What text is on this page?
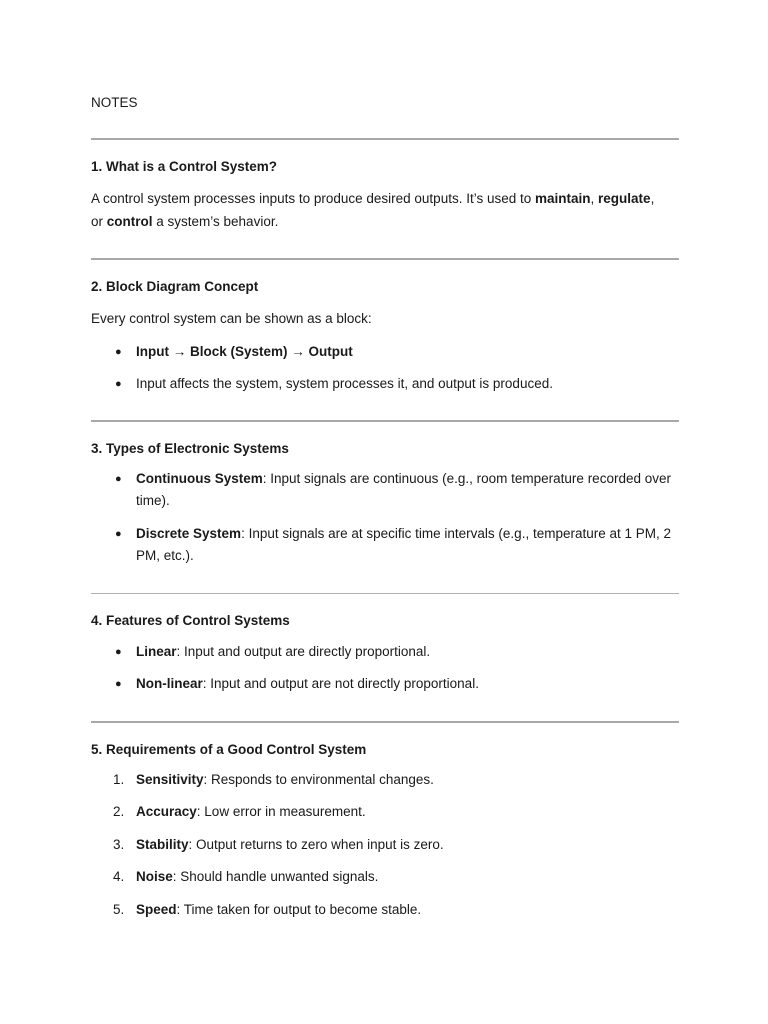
NOTES
1. What is a Control System?

A control system processes inputs to produce desired outputs. It’s used to maintain, regulate,
or control a system’s behavior.

2. Block Diagram Concept

Every control system can be shown as a block:

● Input → Block (System) → Output
● Input affects the system, system processes it, and output is produced.
3. Types of Electronic Systems
● Continuous System: Input signals are continuous (e.g., room temperature recorded over
time).
● Discrete System: Input signals are at specific time intervals (e.g., temperature at 1 PM, 2
PM, etc.).
4. Features of Control Systems
● Linear: Input and output are directly proportional.
● Non-linear: Input and output are not directly proportional.
5. Requirements of a Good Control System
1. Sensitivity: Responds to environmental changes.
2. Accuracy: Low error in measurement.
3. Stability: Output returns to zero when input is zero.
4. Noise: Should handle unwanted signals.
5. Speed: Time taken for output to become stable.
